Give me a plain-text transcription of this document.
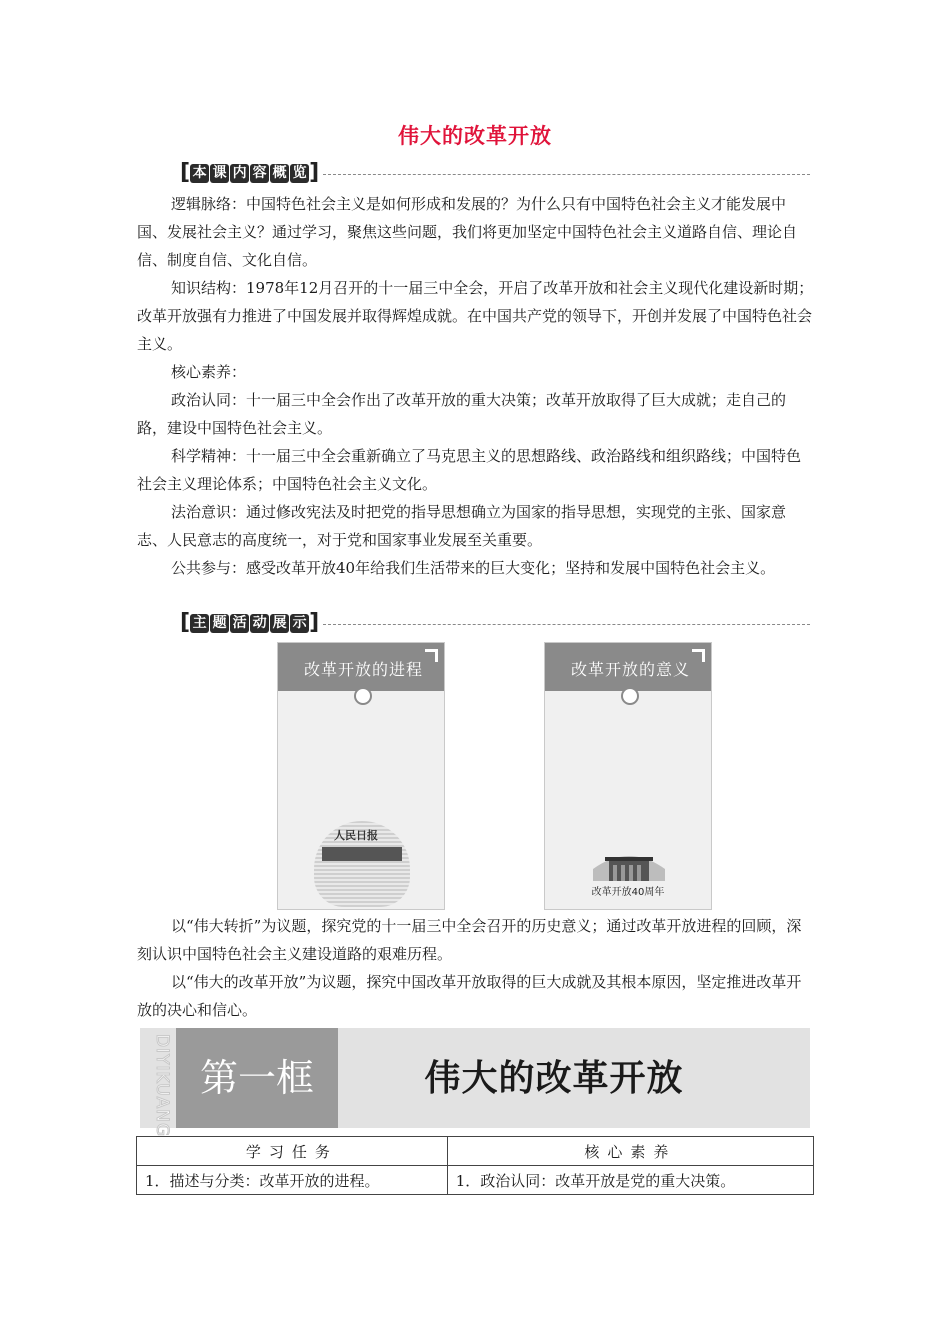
伟大的改革开放
[ 本 课 内 容 概 览 ]

逻辑脉络：中国特色社会主义是如何形成和发展的？为什么只有中国特色社会主义才能发展中国、发展社会主义？通过学习，聚焦这些问题，我们将更加坚定中国特色社会主义道路自信、理论自信、制度自信、文化自信。

知识结构：1978年12月召开的十一届三中全会，开启了改革开放和社会主义现代化建设新时期；改革开放强有力推进了中国发展并取得辉煌成就。在中国共产党的领导下，开创并发展了中国特色社会主义。

核心素养：

政治认同：十一届三中全会作出了改革开放的重大决策；改革开放取得了巨大成就；走自己的路，建设中国特色社会主义。

科学精神：十一届三中全会重新确立了马克思主义的思想路线、政治路线和组织路线；中国特色社会主义理论体系；中国特色社会主义文化。

法治意识：通过修改宪法及时把党的指导思想确立为国家的指导思想，实现党的主张、国家意志、人民意志的高度统一，对于党和国家事业发展至关重要。

公共参与：感受改革开放40年给我们生活带来的巨大变化；坚持和发展中国特色社会主义。

[ 主 题 活 动 展 示 ]
改革开放的进程
人民日报
改革开放的意义
改革开放40周年

以“伟大转折”为议题，探究党的十一届三中全会召开的历史意义；通过改革开放进程的回顾，深刻认识中国特色社会主义建设道路的艰难历程。

以“伟大的改革开放”为议题，探究中国改革开放取得的巨大成就及其根本原因，坚定推进改革开放的决心和信心。

DIYIKUANG 第一框	伟大的改革开放
学习任务	核心素养
1．描述与分类：改革开放的进程。	1．政治认同：改革开放是党的重大决策。
